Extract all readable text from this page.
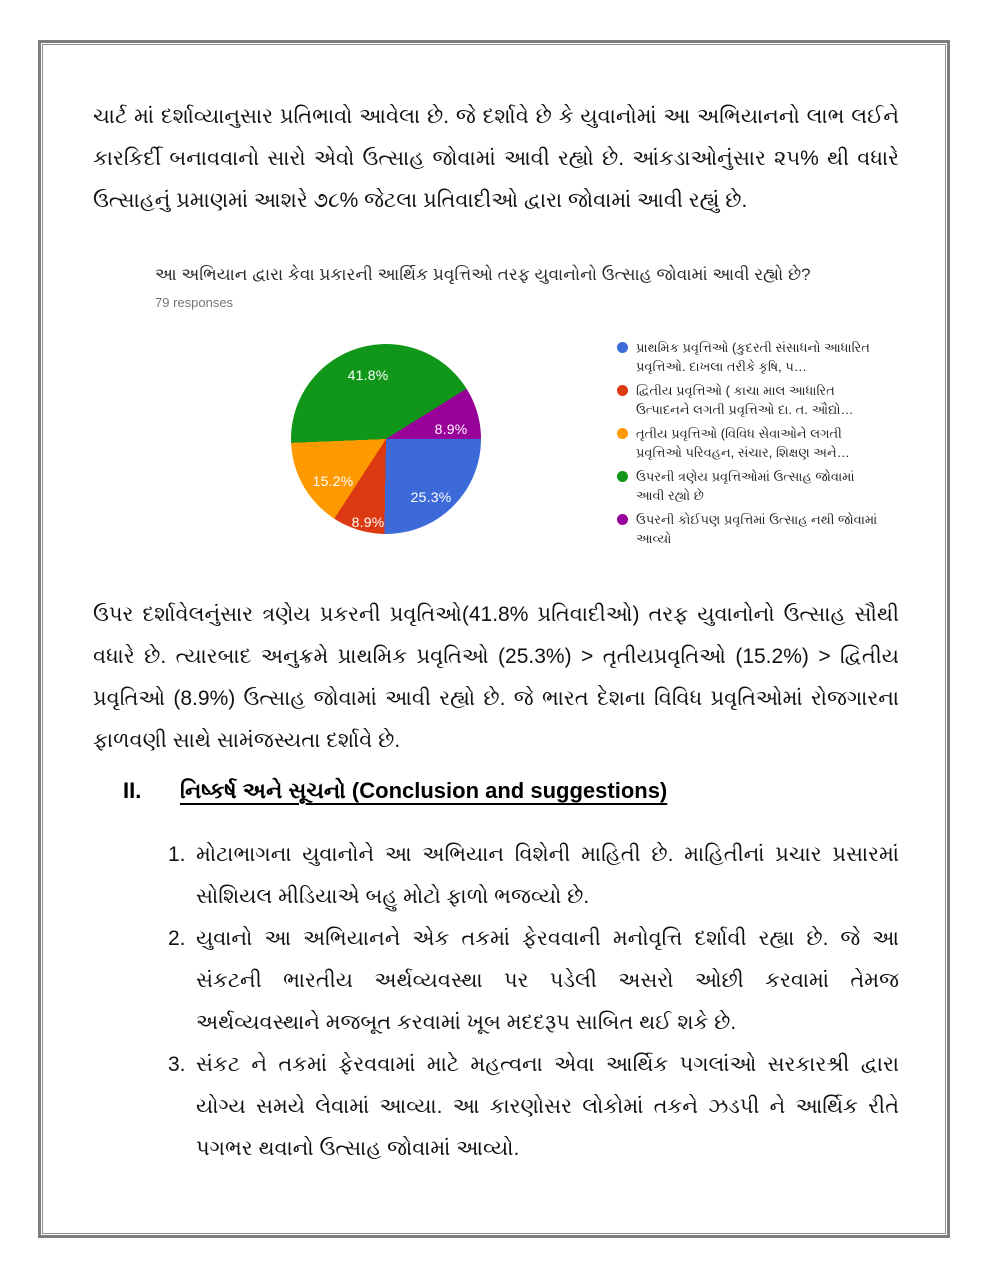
ચાર્ટ માં દર્શાવ્યાનુસાર પ્રતિભાવો આવેલા છે. જે દર્શાવે છે કે યુવાનોમાં આ અભિયાનનો લાભ લઈને કારકિર્દી બનાવવાનો સારો એવો ઉત્સાહ જોવામાં આવી રહ્યો છે. આંકડાઓનુંસાર ૨૫% થી વધારે ઉત્સાહનું પ્રમાણમાં આશરે ૭૮% જેટલા પ્રતિવાદીઓ દ્વારા જોવામાં આવી રહ્યું છે.
આ અભિયાન દ્વારા કેવા પ્રકારની આર્થિક પ્રવૃત્તિઓ તરફ યુવાનોનો ઉત્સાહ જોવામાં આવી રહ્યો છે?
79 responses
41.8%
8.9%
25.3%
8.9%
15.2%
પ્રાથમિક પ્રવૃત્તિઓ (કુદરતી સંસાધનો આધારિત પ્રવૃત્તિઓ. દાખલા તરીકે કૃષિ, પ…
દ્વિતીય પ્રવૃત્તિઓ ( કાચા માલ આધારિત ઉત્પાદનને લગતી પ્રવૃત્તિઓ દા. ત. ઔદ્યો…
તૃતીય પ્રવૃત્તિઓ (વિવિધ સેવાઓને લગતી પ્રવૃત્તિઓ પરિવહન, સંચાર, શિક્ષણ અને…
ઉપરની ત્રણેય પ્રવૃત્તિઓમાં ઉત્સાહ જોવામાં આવી રહ્યો છે
ઉપરની કોઈપણ પ્રવૃત્તિમાં ઉત્સાહ નથી જોવામાં આવ્યો
ઉપર દર્શાવેલનુંસાર ત્રણેય પ્રકરની પ્રવૃતિઓ(41.8% પ્રતિવાદીઓ) તરફ યુવાનોનો ઉત્સાહ સૌથી વધારે છે. ત્યારબાદ અનુક્રમે પ્રાથમિક પ્રવૃતિઓ (25.3%) > તૃતીયપ્રવૃતિઓ (15.2%) > દ્વિતીય પ્રવૃતિઓ (8.9%) ઉત્સાહ જોવામાં આવી રહ્યો છે. જે ભારત દેશના વિવિધ પ્રવૃતિઓમાં રોજગારના ફાળવણી સાથે સામંજસ્યતા દર્શાવે છે.
II.	નિષ્કર્ષ અને સૂચનો (Conclusion and suggestions)
1. મોટાભાગના યુવાનોને આ અભિયાન વિશેની માહિતી છે. માહિતીનાં પ્રચાર પ્રસારમાં સોશિયલ મીડિયાએ બહુ મોટો ફાળો ભજવ્યો છે.
2. યુવાનો આ અભિયાનને એક તકમાં ફેરવવાની મનોવૃત્તિ દર્શાવી રહ્યા છે. જે આ સંકટની ભારતીય અર્થવ્યવસ્થા પર પડેલી અસરો ઓછી કરવામાં તેમજ અર્થવ્યવસ્થાને મજબૂત કરવામાં ખૂબ મદદરૂપ સાબિત થઈ શકે છે.
3. સંકટ ને તકમાં ફેરવવામાં માટે મહત્વના એવા આર્થિક પગલાંઓ સરકારશ્રી દ્વારા યોગ્ય સમયે લેવામાં આવ્યા. આ કારણોસર લોકોમાં તકને ઝડપી ને આર્થિક રીતે પગભર થવાનો ઉત્સાહ જોવામાં આવ્યો.
